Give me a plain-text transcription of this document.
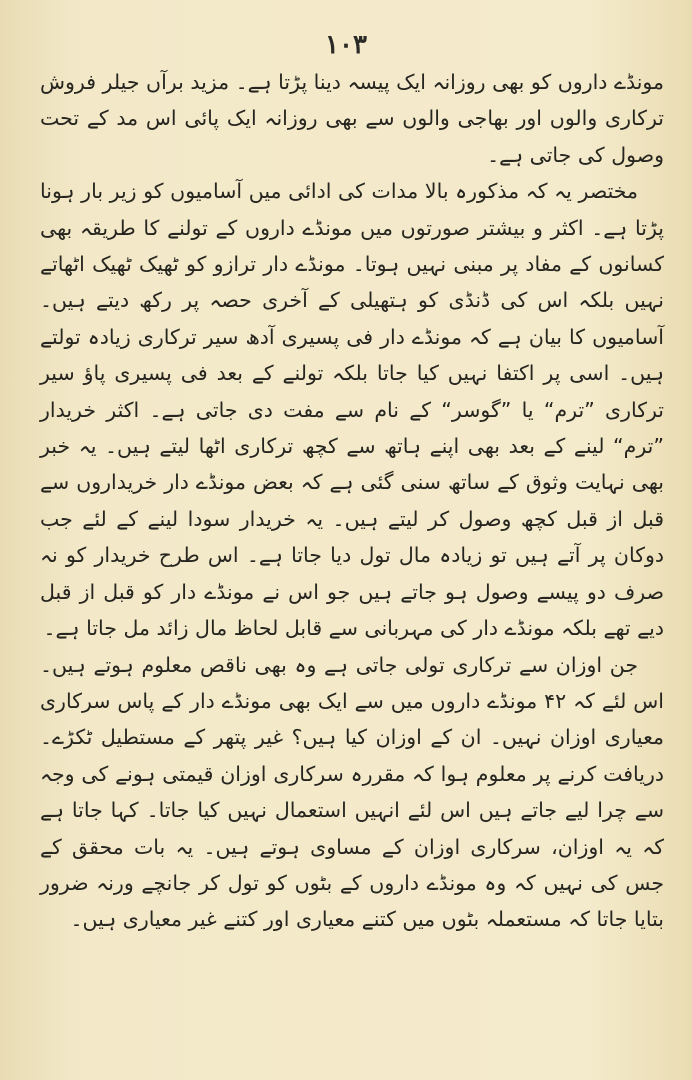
١٠٣

مونڈے داروں کو بھی روزانہ ایک پیسہ دینا پڑتا ہے۔ مزید برآں جیلر فروش ترکاری والوں اور بھاجی والوں سے بھی روزانہ ایک پائی اس مد کے تحت وصول کی جاتی ہے۔

مختصر یہ کہ مذکورہ بالا مدات کی ادائی میں آسامیوں کو زیر بار ہونا پڑتا ہے۔ اکثر و بیشتر صورتوں میں مونڈے داروں کے تولنے کا طریقہ بھی کسانوں کے مفاد پر مبنی نہیں ہوتا۔ مونڈے دار ترازو کو ٹھیک ٹھیک اٹھاتے نہیں بلکہ اس کی ڈنڈی کو ہتھیلی کے آخری حصہ پر رکھ دیتے ہیں۔ آسامیوں کا بیان ہے کہ مونڈے دار فی پسیری آدھ سیر ترکاری زیادہ تولتے ہیں۔ اسی پر اکتفا نہیں کیا جاتا بلکہ تولنے کے بعد فی پسیری پاؤ سیر ترکاری ”ترم“ یا ”گوسر“ کے نام سے مفت دی جاتی ہے۔ اکثر خریدار ”ترم“ لینے کے بعد بھی اپنے ہاتھ سے کچھ ترکاری اٹھا لیتے ہیں۔ یہ خبر بھی نہایت وثوق کے ساتھ سنی گئی ہے کہ بعض مونڈے دار خریداروں سے قبل از قبل کچھ وصول کر لیتے ہیں۔ یہ خریدار سودا لینے کے لئے جب دوکان پر آتے ہیں تو زیادہ مال تول دیا جاتا ہے۔ اس طرح خریدار کو نہ صرف دو پیسے وصول ہو جاتے ہیں جو اس نے مونڈے دار کو قبل از قبل دیے تھے بلکہ مونڈے دار کی مہربانی سے قابل لحاظ مال زائد مل جاتا ہے۔

جن اوزان سے ترکاری تولی جاتی ہے وہ بھی ناقص معلوم ہوتے ہیں۔ اس لئے کہ ۴۲ مونڈے داروں میں سے ایک بھی مونڈے دار کے پاس سرکاری معیاری اوزان نہیں۔ ان کے اوزان کیا ہیں؟ غیر پتھر کے مستطیل ٹکڑے۔ دریافت کرنے پر معلوم ہوا کہ مقررہ سرکاری اوزان قیمتی ہونے کی وجہ سے چرا لیے جاتے ہیں اس لئے انہیں استعمال نہیں کیا جاتا۔ کہا جاتا ہے کہ یہ اوزان، سرکاری اوزان کے مساوی ہوتے ہیں۔ یہ بات محقق کے جس کی نہیں کہ وہ مونڈے داروں کے بٹوں کو تول کر جانچے ورنہ ضرور بتایا جاتا کہ مستعملہ بٹوں میں کتنے معیاری اور کتنے غیر معیاری ہیں۔
